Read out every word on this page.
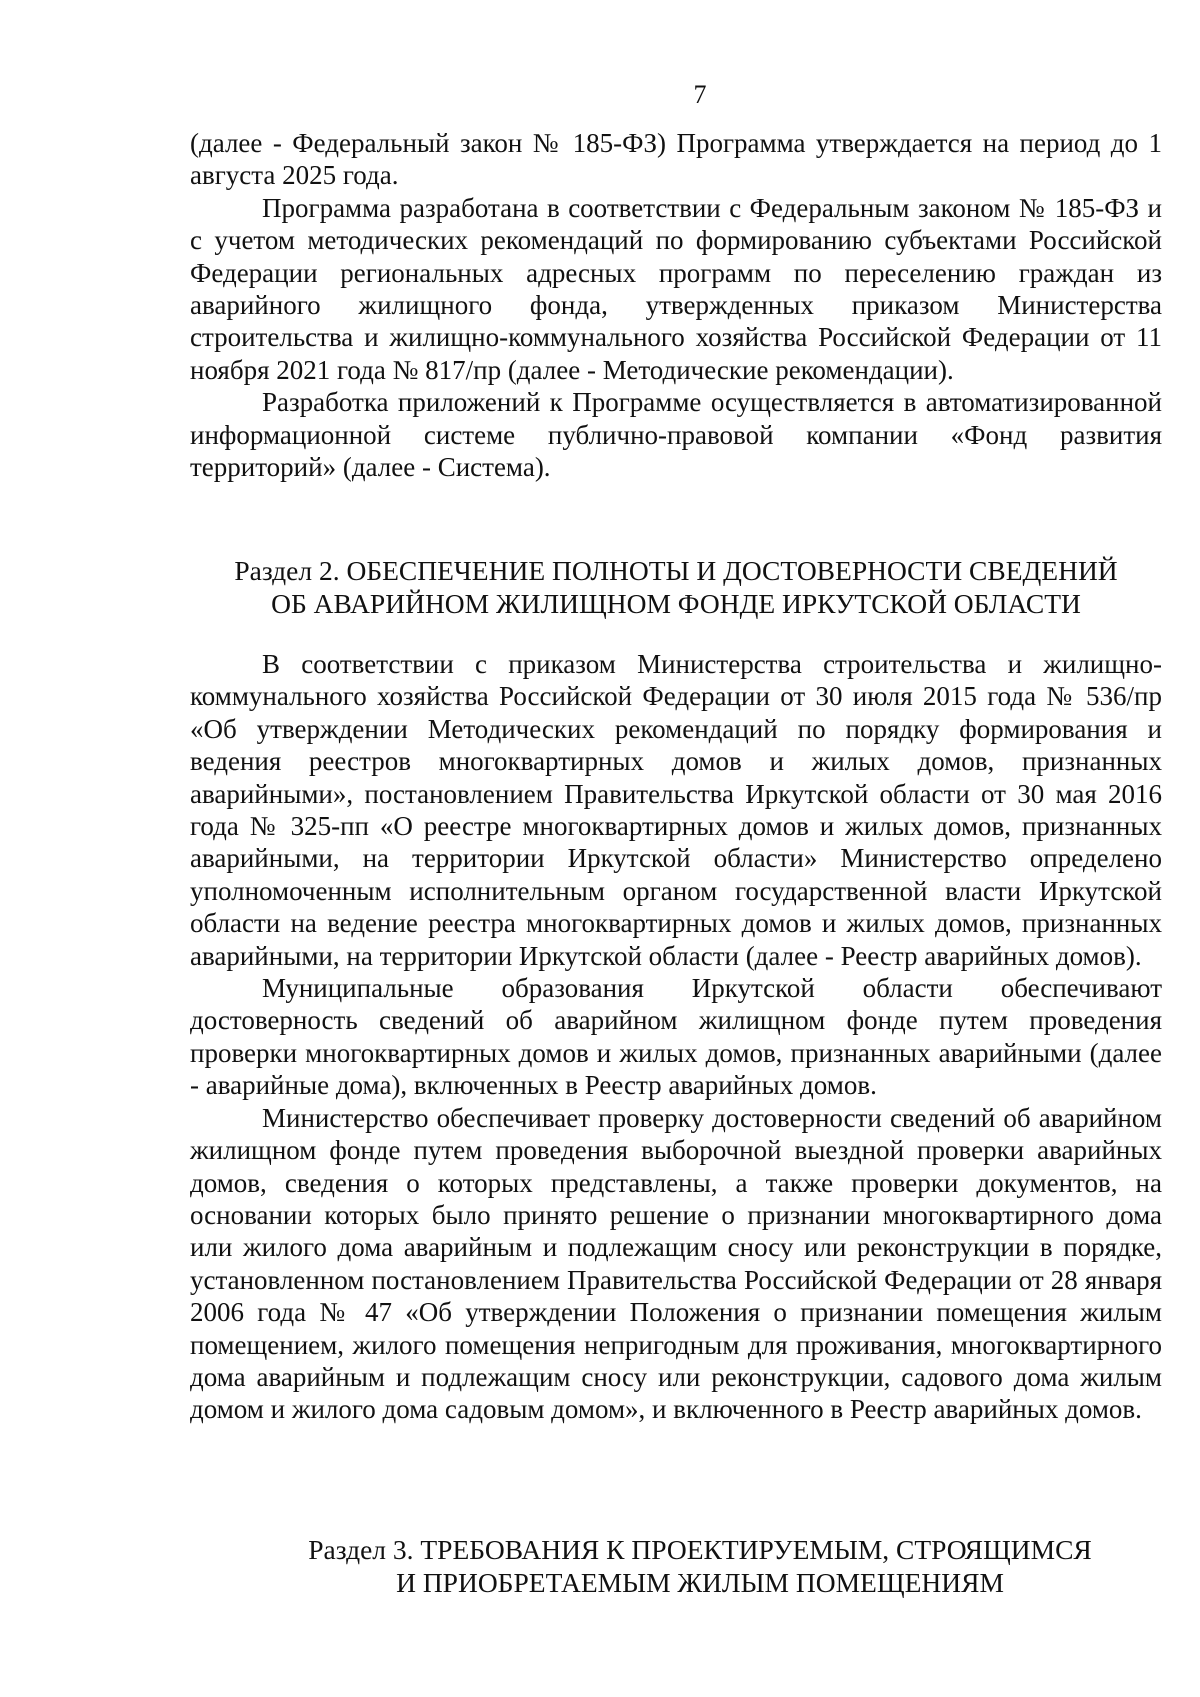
7

(далее - Федеральный закон № 185-ФЗ) Программа утверждается на период до 1 августа 2025 года.

Программа разработана в соответствии с Федеральным законом № 185-ФЗ и с учетом методических рекомендаций по формированию субъектами Российской Федерации региональных адресных программ по переселению граждан из аварийного жилищного фонда, утвержденных приказом Министерства строительства и жилищно-коммунального хозяйства Российской Федерации от 11 ноября 2021 года № 817/пр (далее - Методические рекомендации).

Разработка приложений к Программе осуществляется в автоматизированной информационной системе публично-правовой компании «Фонд развития территорий» (далее - Система).

Раздел 2. ОБЕСПЕЧЕНИЕ ПОЛНОТЫ И ДОСТОВЕРНОСТИ СВЕДЕНИЙ
ОБ АВАРИЙНОМ ЖИЛИЩНОМ ФОНДЕ ИРКУТСКОЙ ОБЛАСТИ

В соответствии с приказом Министерства строительства и жилищно-коммунального хозяйства Российской Федерации от 30 июля 2015 года № 536/пр «Об утверждении Методических рекомендаций по порядку формирования и ведения реестров многоквартирных домов и жилых домов, признанных аварийными», постановлением Правительства Иркутской области от 30 мая 2016 года № 325-пп «О реестре многоквартирных домов и жилых домов, признанных аварийными, на территории Иркутской области» Министерство определено уполномоченным исполнительным органом государственной власти Иркутской области на ведение реестра многоквартирных домов и жилых домов, признанных аварийными, на территории Иркутской области (далее - Реестр аварийных домов).

Муниципальные образования Иркутской области обеспечивают достоверность сведений об аварийном жилищном фонде путем проведения проверки многоквартирных домов и жилых домов, признанных аварийными (далее - аварийные дома), включенных в Реестр аварийных домов.

Министерство обеспечивает проверку достоверности сведений об аварийном жилищном фонде путем проведения выборочной выездной проверки аварийных домов, сведения о которых представлены, а также проверки документов, на основании которых было принято решение о признании многоквартирного дома или жилого дома аварийным и подлежащим сносу или реконструкции в порядке, установленном постановлением Правительства Российской Федерации от 28 января 2006 года № 47 «Об утверждении Положения о признании помещения жилым помещением, жилого помещения непригодным для проживания, многоквартирного дома аварийным и подлежащим сносу или реконструкции, садового дома жилым домом и жилого дома садовым домом», и включенного в Реестр аварийных домов.

Раздел 3. ТРЕБОВАНИЯ К ПРОЕКТИРУЕМЫМ, СТРОЯЩИМСЯ
И ПРИОБРЕТАЕМЫМ ЖИЛЫМ ПОМЕЩЕНИЯМ
